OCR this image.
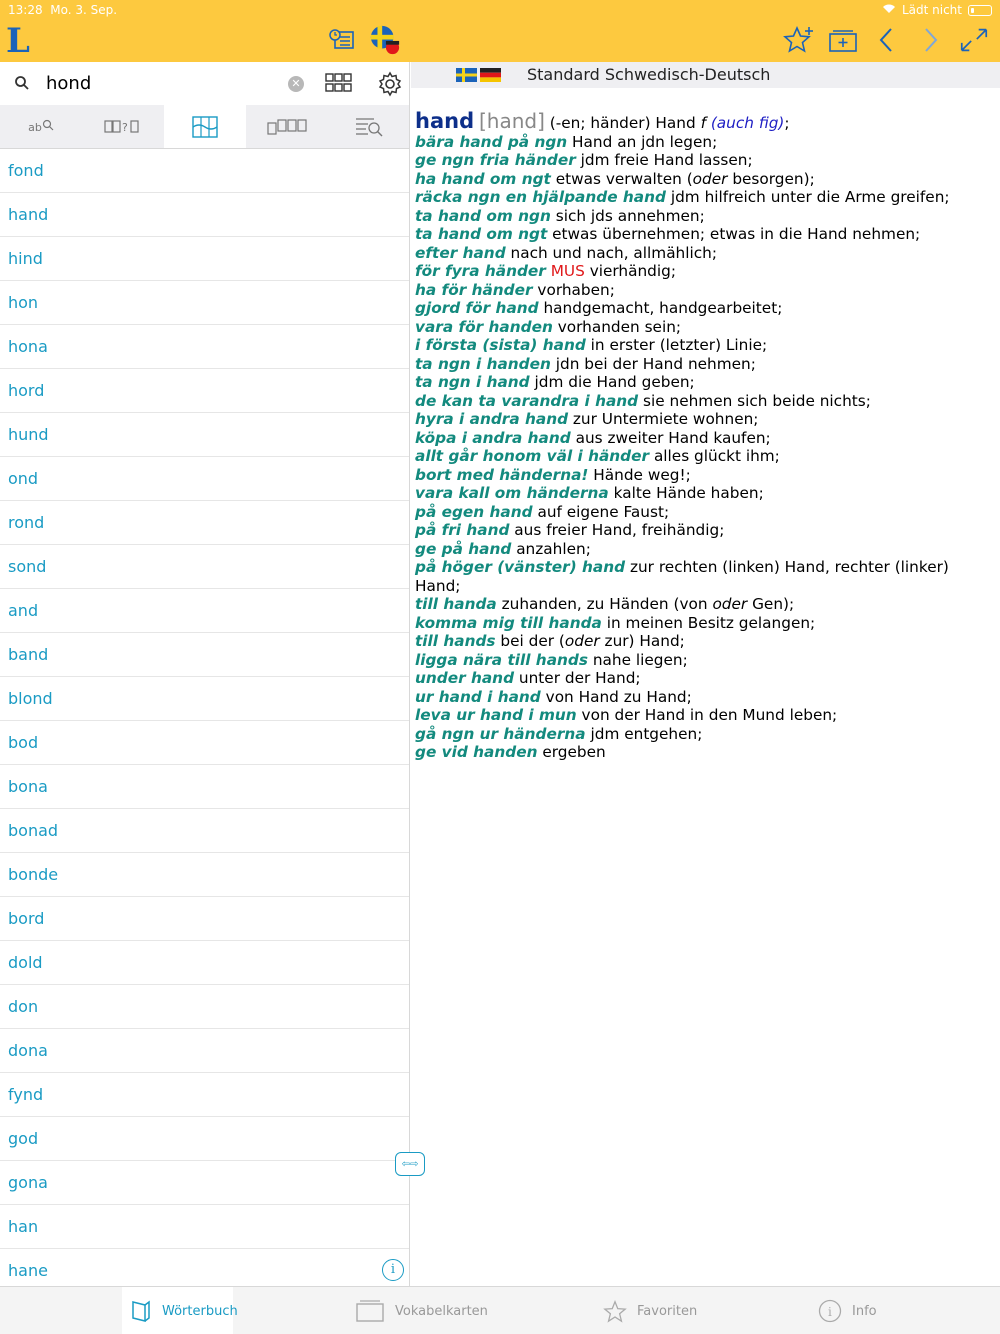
13:28 Mo. 3. Sep.	Lädt nicht
L
hond
✕
ab	?
fond
hand
hind
hon
hona
hord
hund
ond
rond
sond
and
band
blond
bod
bona
bonad
bonde
bord
dold
don
dona
fynd
god
gona
han
hane	i
⇦⇨
Standard Schwedisch-Deutsch
hand [hand] (-en; händer) Hand f (auch fig);
bära hand på ngn Hand an jdn legen;
ge ngn fria händer jdm freie Hand lassen;
ha hand om ngt etwas verwalten (oder besorgen);
räcka ngn en hjälpande hand jdm hilfreich unter die Arme greifen;
ta hand om ngn sich jds annehmen;
ta hand om ngt etwas übernehmen; etwas in die Hand nehmen;
efter hand nach und nach, allmählich;
för fyra händer MUS vierhändig;
ha för händer vorhaben;
gjord för hand handgemacht, handgearbeitet;
vara för handen vorhanden sein;
i första (sista) hand in erster (letzter) Linie;
ta ngn i handen jdn bei der Hand nehmen;
ta ngn i hand jdm die Hand geben;
de kan ta varandra i hand sie nehmen sich beide nichts;
hyra i andra hand zur Untermiete wohnen;
köpa i andra hand aus zweiter Hand kaufen;
allt går honom väl i händer alles glückt ihm;
bort med händerna! Hände weg!;
vara kall om händerna kalte Hände haben;
på egen hand auf eigene Faust;
på fri hand aus freier Hand, freihändig;
ge på hand anzahlen;
på höger (vänster) hand zur rechten (linken) Hand, rechter (linker) Hand;
till handa zuhanden, zu Händen (von oder Gen);
komma mig till handa in meinen Besitz gelangen;
till hands bei der (oder zur) Hand;
ligga nära till hands nahe liegen;
under hand unter der Hand;
ur hand i hand von Hand zu Hand;
leva ur hand i mun von der Hand in den Mund leben;
gå ngn ur händerna jdm entgehen;
ge vid handen ergeben
Wörterbuch	Vokabelkarten	Favoriten	i Info
